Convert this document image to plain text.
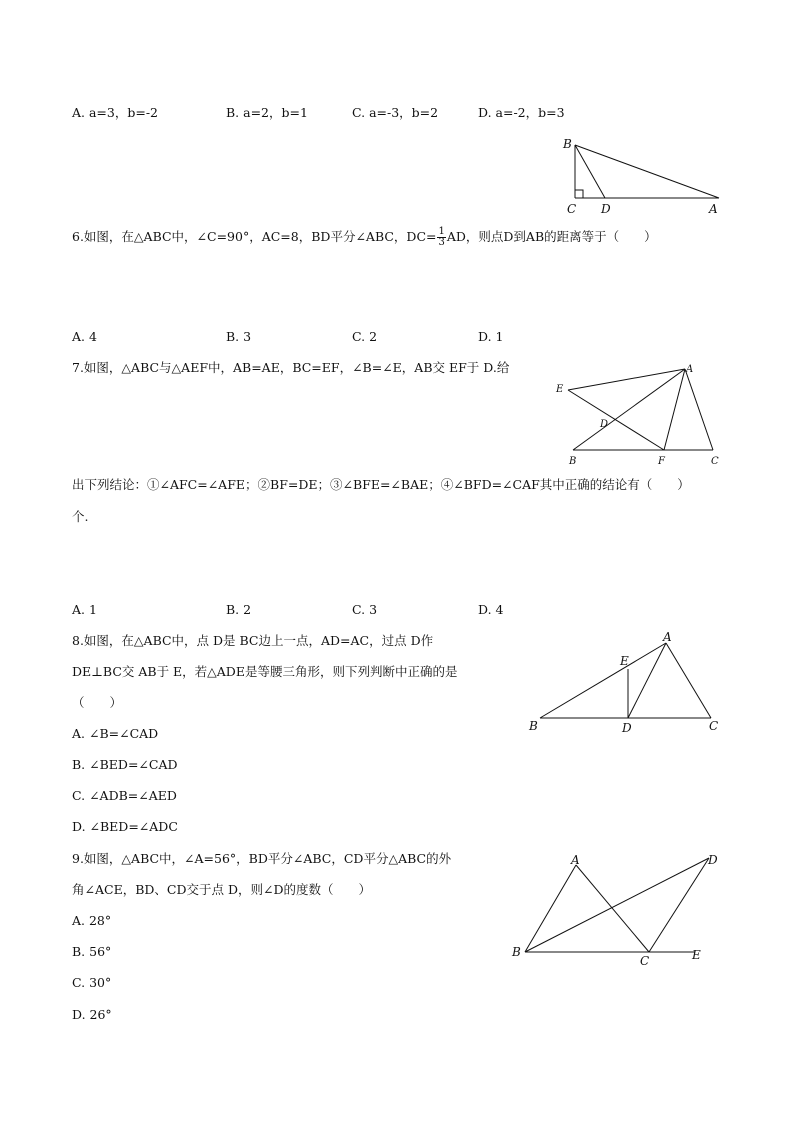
A. a=3，b=-2	B. a=2，b=1	C. a=-3，b=2	D. a=-2，b=3
B
C D	A
6.如图，在△ABC中，∠C=90°，AC=8，BD平分∠ABC，$DC= \frac{1}{3}$ AD，则点D到AB的距离等于（　　）
A. 4	B. 3	C. 2	D. 1
7.如图，△ABC与△AEF中，AB=AE，BC=EF，∠B=∠E，AB交 EF于 D.给	A
E
D
B	F	C
出下列结论：①∠AFC=∠AFE；②BF=DE；③∠BFE=∠BAE；④∠BFD=∠CAF其中正确的结论有（　　）
个.
A. 1	B. 2	C. 3	D. 4
8.如图，在△ABC中，点 D是 BC边上一点，AD=AC，过点 D作
DE⊥BC交 AB于 E，若△ADE是等腰三角形，则下列判断中正确的是
（　　）
A
E
B	D	C
A. ∠B=∠CAD
B. ∠BED=∠CAD
C. ∠ADB=∠AED
D. ∠BED=∠ADC
9.如图，△ABC中，∠A=56°，BD平分∠ABC，CD平分△ABC的外
角∠ACE，BD、CD交于点 D，则∠D的度数（　　）
A	D
B
C	E
A. 28°
B. 56°
C. 30°
D. 26°
